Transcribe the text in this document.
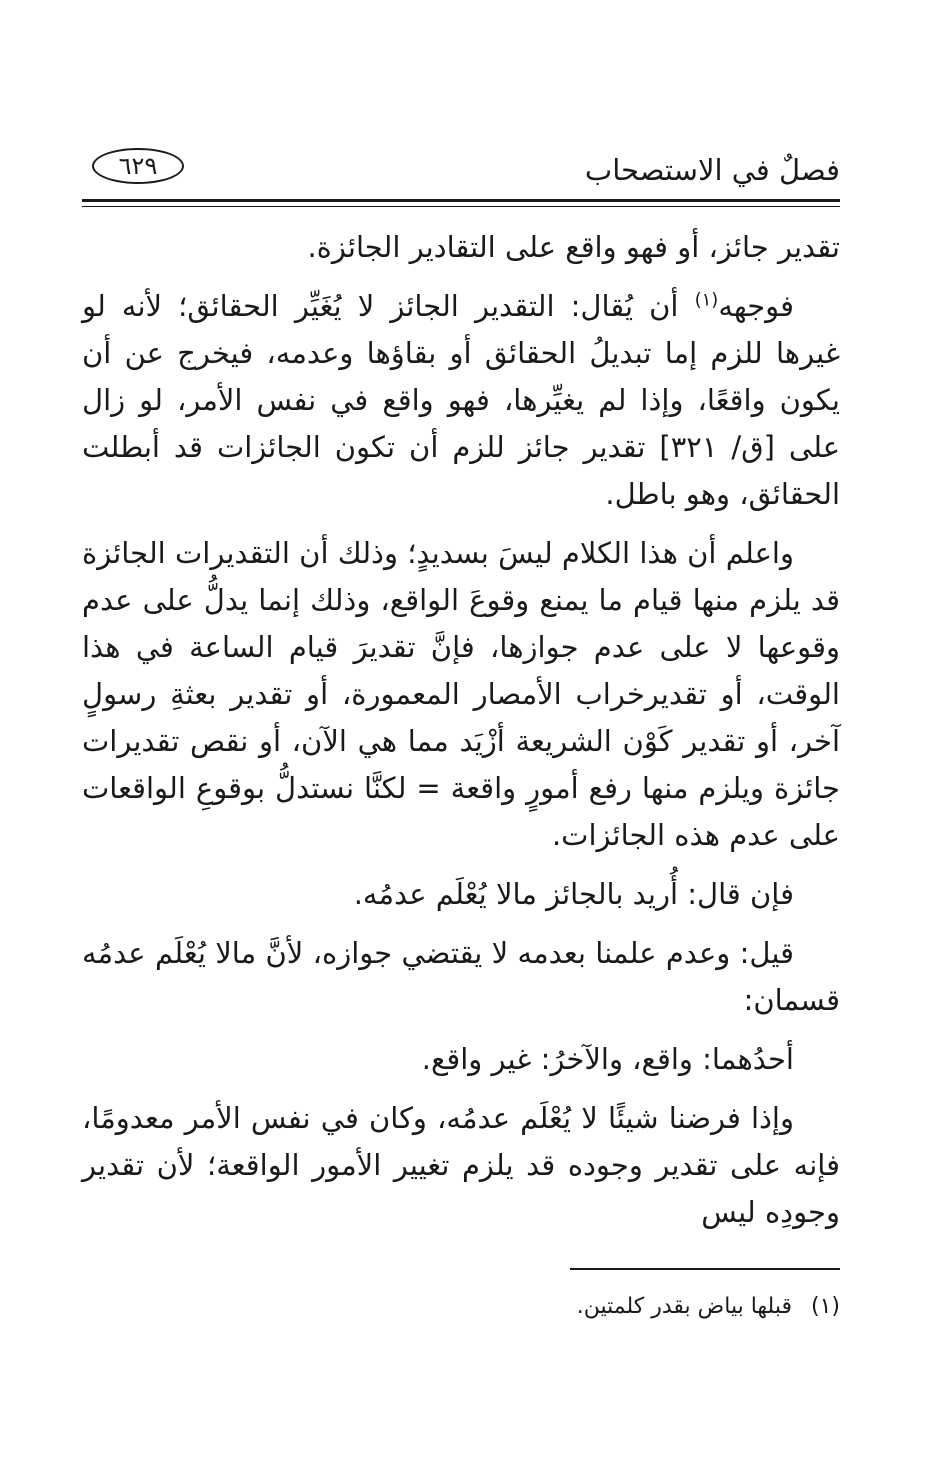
فصلٌ في الاستصحاب
٦٢٩

تقدير جائز، أو فهو واقع على التقادير الجائزة.

فوجهه$^{(١)}$ أن يُقال: التقدير الجائز لا يُغَيِّر الحقائق؛ لأنه لو غيرها للزم إما تبديلُ الحقائق أو بقاؤها وعدمه، فيخرج عن أن يكون واقعًا، وإذا لم يغيِّرها، فهو واقع في نفس الأمر، لو زال على [ق/ ٣٢١] تقدير جائز للزم أن تكون الجائزات قد أبطلت الحقائق، وهو باطل.

واعلم أن هذا الكلام ليسَ بسديدٍ؛ وذلك أن التقديرات الجائزة قد يلزم منها قيام ما يمنع وقوعَ الواقع، وذلك إنما يدلُّ على عدم وقوعها لا على عدم جوازها، فإنَّ تقديرَ قيام الساعة في هذا الوقت، أو تقديرخراب الأمصار المعمورة، أو تقدير بعثةِ رسولٍ آخر، أو تقدير كَوْن الشريعة أزْيَد مما هي الآن، أو نقص تقديرات جائزة ويلزم منها رفع أمورٍ واقعة = لكنَّا نستدلُّ بوقوعِ الواقعات على عدم هذه الجائزات.

فإن قال: أُريد بالجائز مالا يُعْلَم عدمُه.

قيل: وعدم علمنا بعدمه لا يقتضي جوازه، لأنَّ مالا يُعْلَم عدمُه قسمان:

أحدُهما: واقع، والآخرُ: غير واقع.

وإذا فرضنا شيئًا لا يُعْلَم عدمُه، وكان في نفس الأمر معدومًا، فإنه على تقدير وجوده قد يلزم تغيير الأمور الواقعة؛ لأن تقدير وجودِه ليس

(١) قبلها بياض بقدر كلمتين.
